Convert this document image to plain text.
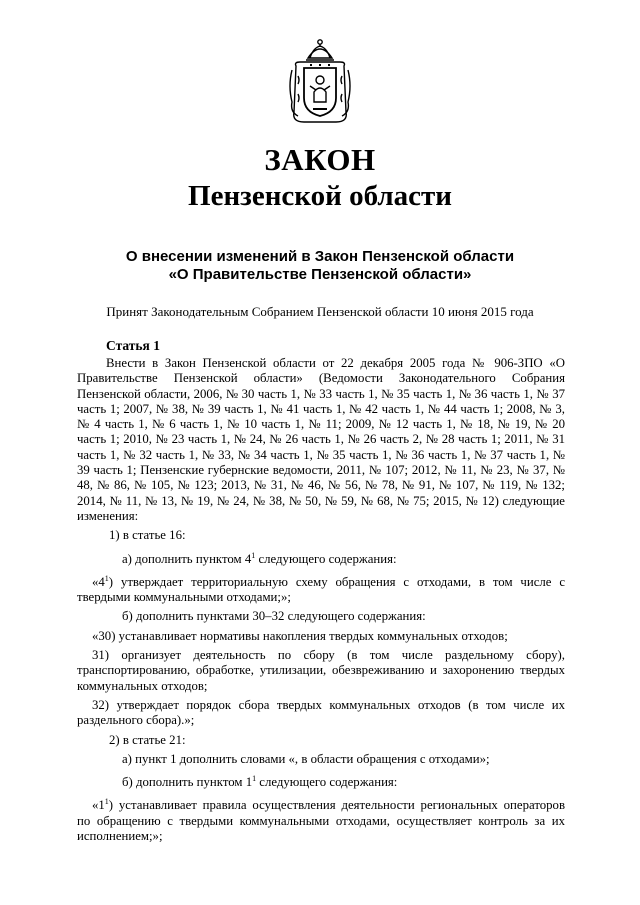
ЗАКОН
Пензенской области
О внесении изменений в Закон Пензенской области
«О Правительстве Пензенской области»
Принят Законодательным Собранием Пензенской области 10 июня 2015 года
Статья 1

Внести в Закон Пензенской области от 22 декабря 2005 года № 906-ЗПО «О Правительстве Пензенской области» (Ведомости Законодательного Собрания Пензенской области, 2006, № 30 часть 1, № 33 часть 1, № 35 часть 1, № 36 часть 1, № 37 часть 1; 2007, № 38, № 39 часть 1, № 41 часть 1, № 42 часть 1, № 44 часть 1; 2008, № 3, № 4 часть 1, № 6 часть 1, № 10 часть 1, № 11; 2009, № 12 часть 1, № 18, № 19, № 20 часть 1; 2010, № 23 часть 1, № 24, № 26 часть 1, № 26 часть 2, № 28 часть 1; 2011, № 31 часть 1, № 32 часть 1, № 33, № 34 часть 1, № 35 часть 1, № 36 часть 1, № 37 часть 1, № 39 часть 1; Пензенские губернские ведомости, 2011, № 107; 2012, № 11, № 23, № 37, № 48, № 86, № 105, № 123; 2013, № 31, № 46, № 56, № 78, № 91, № 107, № 119, № 132; 2014, № 11, № 13, № 19, № 24, № 38, № 50, № 59, № 68, № 75; 2015, № 12) следующие изменения:

1) в статье 16:

а) дополнить пунктом $4^1$ следующего содержания:

«$4^1$) утверждает территориальную схему обращения с отходами, в том числе с твердыми коммунальными отходами;»;

б) дополнить пунктами 30–32 следующего содержания:

«30) устанавливает нормативы накопления твердых коммунальных отходов;

31) организует деятельность по сбору (в том числе раздельному сбору), транспортированию, обработке, утилизации, обезвреживанию и захоронению твердых коммунальных отходов;

32) утверждает порядок сбора твердых коммунальных отходов (в том числе их раздельного сбора).»;

2) в статье 21:

а) пункт 1 дополнить словами «, в области обращения с отходами»;

б) дополнить пунктом $1^1$ следующего содержания:

«$1^1$) устанавливает правила осуществления деятельности региональных операторов по обращению с твердыми коммунальными отходами, осуществляет контроль за их исполнением;»;
